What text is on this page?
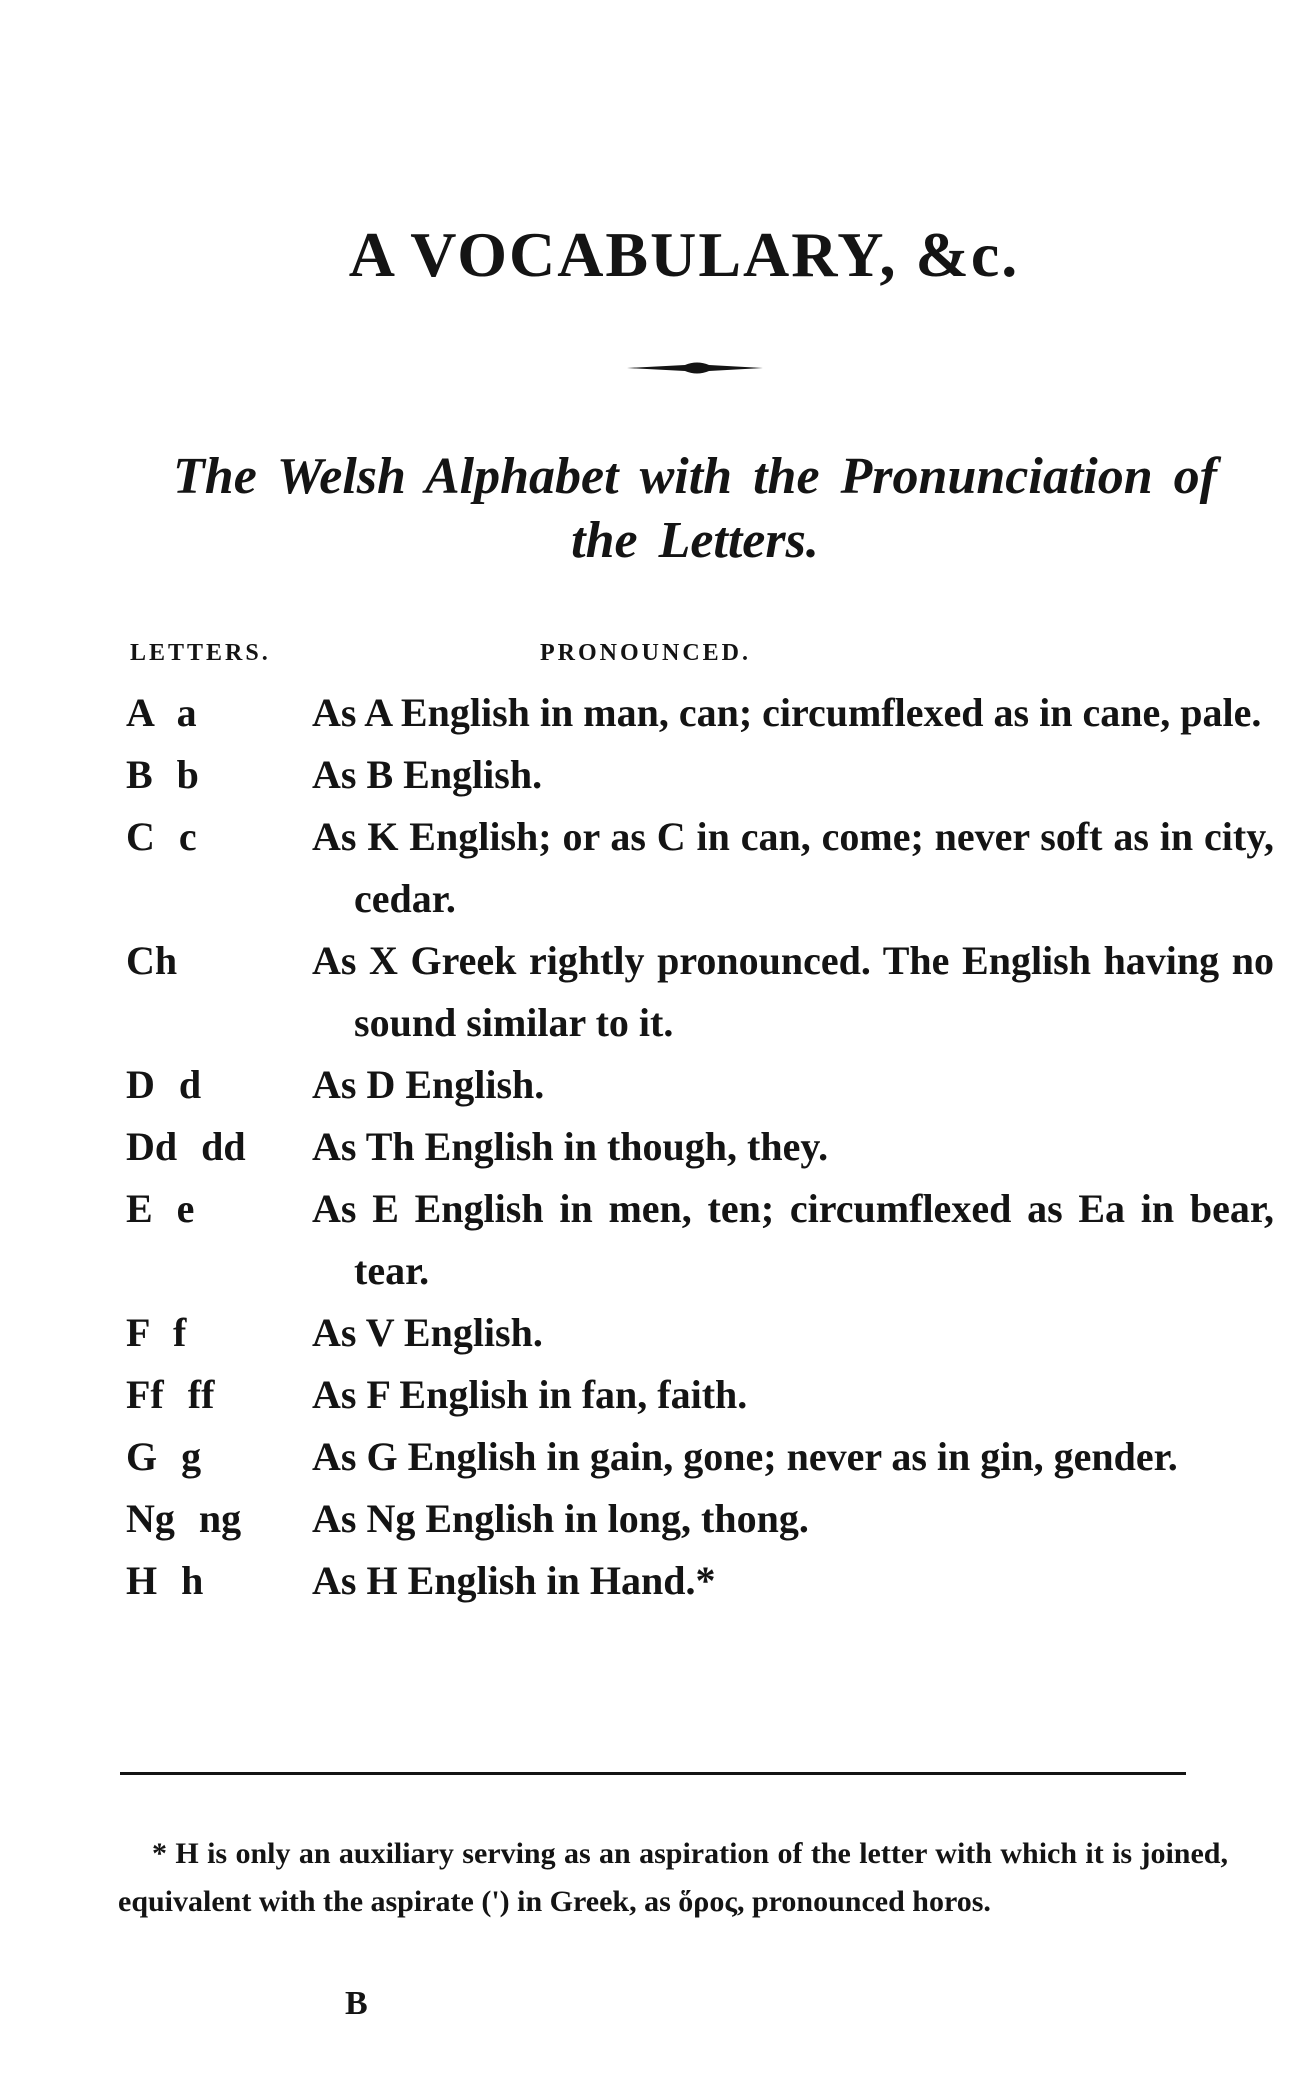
A VOCABULARY, &c.
The Welsh Alphabet with the Pronunciation of the Letters.
LETTERS.	PRONOUNCED.
A a	As A English in man, can; circumflexed as in cane, pale.
B b	As B English.
C c	As K English; or as C in can, come; never soft as in city, cedar.
Ch	As X Greek rightly pronounced. The English having no sound similar to it.
D d	As D English.
Dd dd	As Th English in though, they.
E e	As E English in men, ten; circumflexed as Ea in bear, tear.
F f	As V English.
Ff ff	As F English in fan, faith.
G g	As G English in gain, gone; never as in gin, gender.
Ng ng	As Ng English in long, thong.
H h	As H English in Hand.*
* H is only an auxiliary serving as an aspiration of the letter with which it is joined, equivalent with the aspirate (') in Greek, as ὅρος, pronounced horos.
B
